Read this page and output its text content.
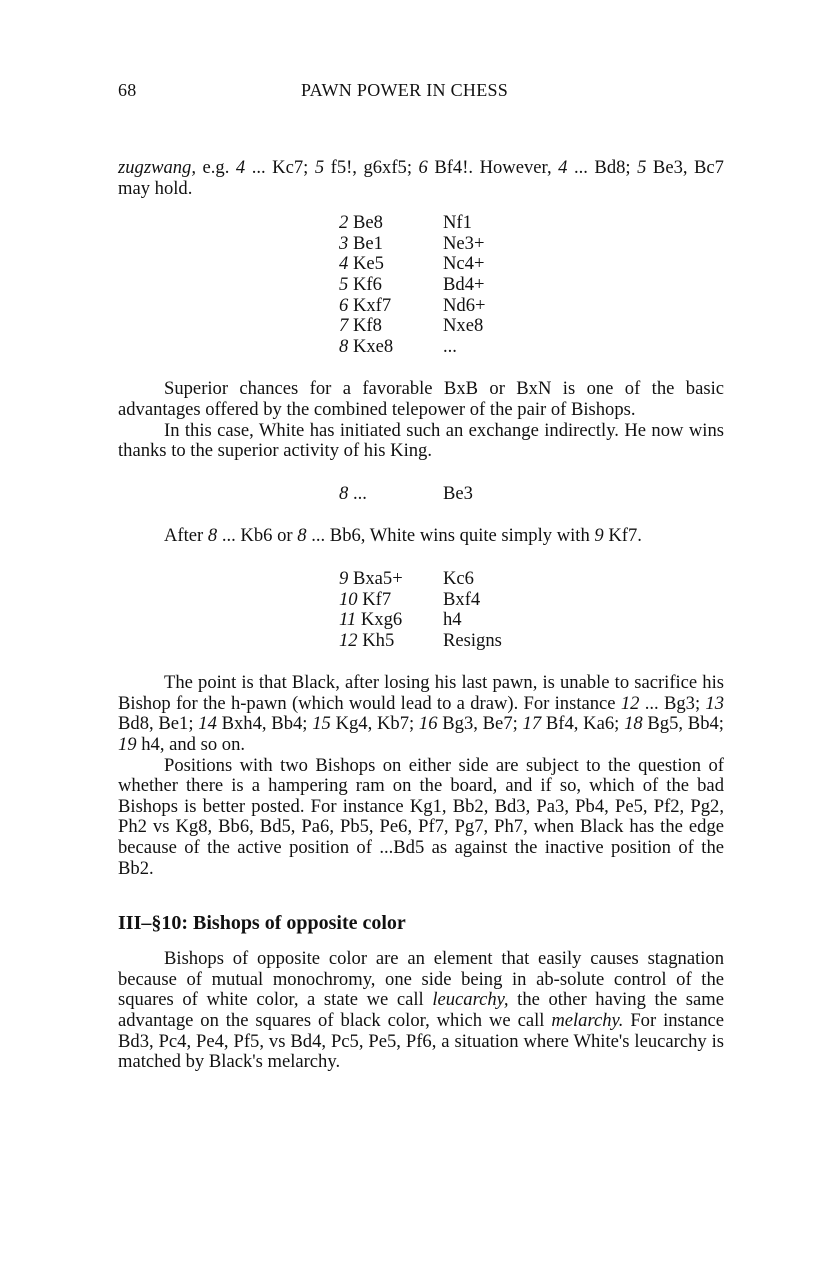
68	PAWN POWER IN CHESS

zugzwang, e.g. 4 ... Kc7; 5 f5!, g6xf5; 6 Bf4!. However, 4 ... Bd8; 5 Be3, Bc7 may hold.

2 Be8	Nf1
3 Be1	Ne3+
4 Ke5	Nc4+
5 Kf6	Bd4+
6 Kxf7	Nd6+
7 Kf8	Nxe8
8 Kxe8	...

Superior chances for a favorable BxB or BxN is one of the basic advantages offered by the combined telepower of the pair of Bishops.

In this case, White has initiated such an exchange indirectly. He now wins thanks to the superior activity of his King.

8 ...	Be3

After 8 ... Kb6 or 8 ... Bb6, White wins quite simply with 9 Kf7.

9 Bxa5+	Kc6
10 Kf7	Bxf4
11 Kxg6	h4
12 Kh5	Resigns

The point is that Black, after losing his last pawn, is unable to sacrifice his Bishop for the h-pawn (which would lead to a draw). For instance 12 ... Bg3; 13 Bd8, Be1; 14 Bxh4, Bb4; 15 Kg4, Kb7; 16 Bg3, Be7; 17 Bf4, Ka6; 18 Bg5, Bb4; 19 h4, and so on.

Positions with two Bishops on either side are subject to the question of whether there is a hampering ram on the board, and if so, which of the bad Bishops is better posted. For instance Kg1, Bb2, Bd3, Pa3, Pb4, Pe5, Pf2, Pg2, Ph2 vs Kg8, Bb6, Bd5, Pa6, Pb5, Pe6, Pf7, Pg7, Ph7, when Black has the edge because of the active position of ...Bd5 as against the inactive position of the Bb2.

III–§10: Bishops of opposite color

Bishops of opposite color are an element that easily causes stagnation because of mutual monochromy, one side being in ab-solute control of the squares of white color, a state we call leucarchy, the other having the same advantage on the squares of black color, which we call melarchy. For instance Bd3, Pc4, Pe4, Pf5, vs Bd4, Pc5, Pe5, Pf6, a situation where White's leucarchy is matched by Black's melarchy.
